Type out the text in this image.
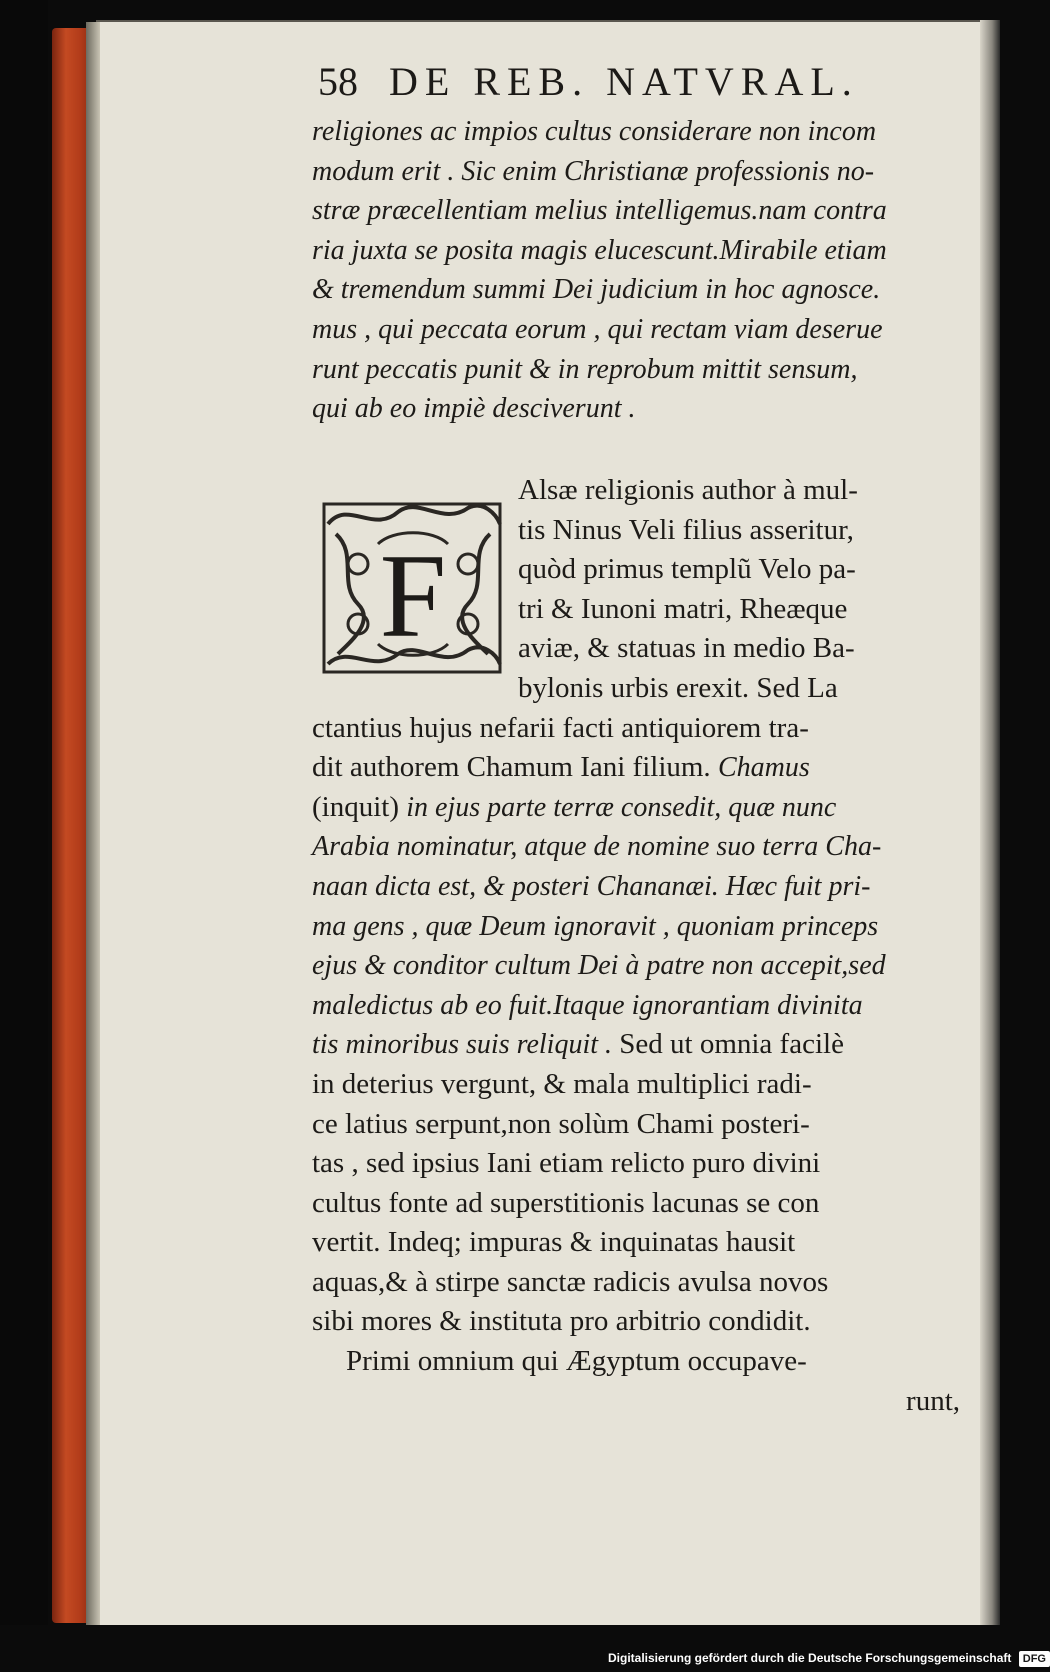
58 DE REB. NATVRAL.
religiones ac impios cultus considerare non incom
modum erit . Sic enim Christianæ professionis no-
stræ præcellentiam melius intelligemus.nam contra
ria juxta se posita magis elucescunt.Mirabile etiam
& tremendum summi Dei judicium in hoc agnosce.
mus , qui peccata eorum , qui rectam viam deserue
runt peccatis punit & in reprobum mittit sensum,
qui ab eo impiè desciverunt .
F
Alsæ religionis author à mul-
tis Ninus Veli filius asseritur,
quòd primus templũ Velo pa-
tri & Iunoni matri, Rheæque
aviæ, & statuas in medio Ba-
bylonis urbis erexit. Sed La
ctantius hujus nefarii facti antiquiorem tra-
dit authorem Chamum Iani filium. Chamus
(inquit) in ejus parte terræ consedit, quæ nunc
Arabia nominatur, atque de nomine suo terra Cha-
naan dicta est, & posteri Chananæi. Hæc fuit pri-
ma gens , quæ Deum ignoravit , quoniam princeps
ejus & conditor cultum Dei à patre non accepit,sed
maledictus ab eo fuit.Itaque ignorantiam divinita
tis minoribus suis reliquit . Sed ut omnia facilè
in deterius vergunt, & mala multiplici radi-
ce latius serpunt,non solùm Chami posteri-
tas , sed ipsius Iani etiam relicto puro divini
cultus fonte ad superstitionis lacunas se con
vertit. Indeq; impuras & inquinatas hausit
aquas,& à stirpe sanctæ radicis avulsa novos
sibi mores & instituta pro arbitrio condidit.
Primi omnium qui Ægyptum occupave-
runt,
Digitalisierung gefördert durch die Deutsche Forschungsgemeinschaft DFG
